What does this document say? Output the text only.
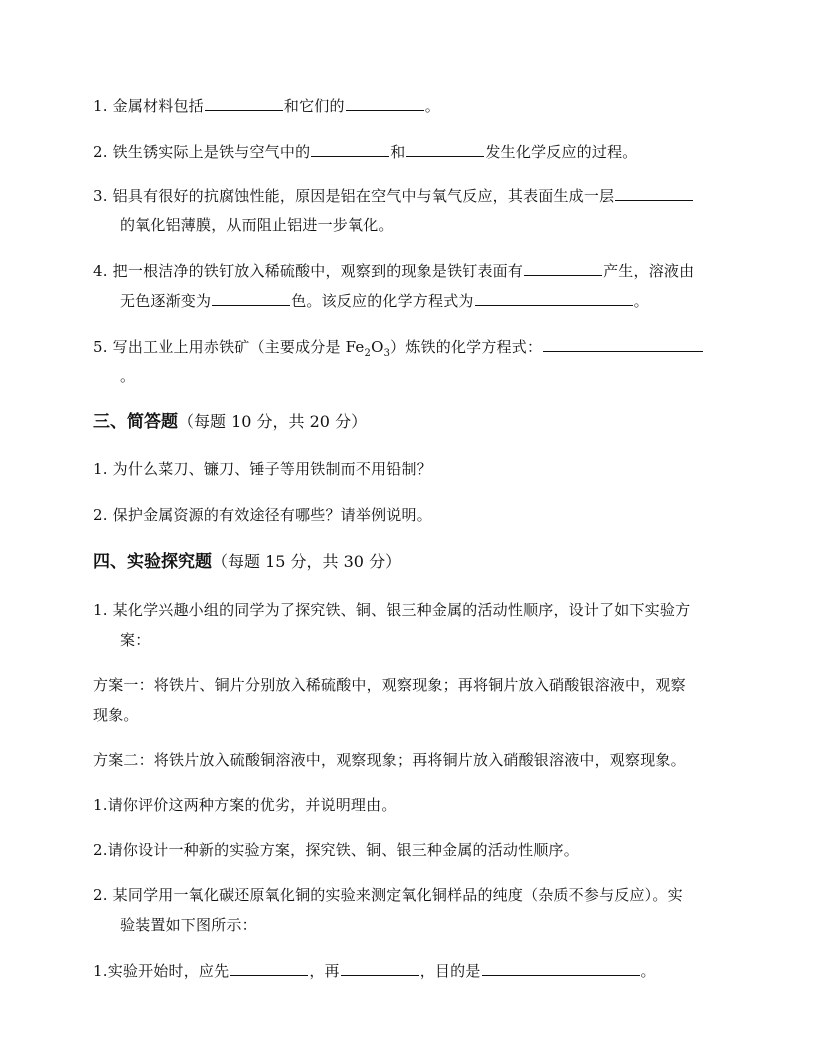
1. 金属材料包括	和它们的	。
2. 铁生锈实际上是铁与空气中的	和	发生化学反应的过程。
3. 铝具有很好的抗腐蚀性能，原因是铝在空气中与氧气反应，其表面生成一层
的氧化铝薄膜，从而阻止铝进一步氧化。
4. 把一根洁净的铁钉放入稀硫酸中，观察到的现象是铁钉表面有	产生，溶液由
无色逐渐变为	色。该反应的化学方程式为	。
5. 写出工业上用赤铁矿（主要成分是 $Fe_2O_3$）炼铁的化学方程式：
。
三、简答题（每题 10 分，共 20 分）
1. 为什么菜刀、镰刀、锤子等用铁制而不用铅制？
2. 保护金属资源的有效途径有哪些？请举例说明。
四、实验探究题（每题 15 分，共 30 分）
1. 某化学兴趣小组的同学为了探究铁、铜、银三种金属的活动性顺序，设计了如下实验方
案：
方案一：将铁片、铜片分别放入稀硫酸中，观察现象；再将铜片放入硝酸银溶液中，观察
现象。
方案二：将铁片放入硫酸铜溶液中，观察现象；再将铜片放入硝酸银溶液中，观察现象。
1.请你评价这两种方案的优劣，并说明理由。
2.请你设计一种新的实验方案，探究铁、铜、银三种金属的活动性顺序。
2. 某同学用一氧化碳还原氧化铜的实验来测定氧化铜样品的纯度（杂质不参与反应）。实
验装置如下图所示：
1.实验开始时，应先	，再	，目的是	。
